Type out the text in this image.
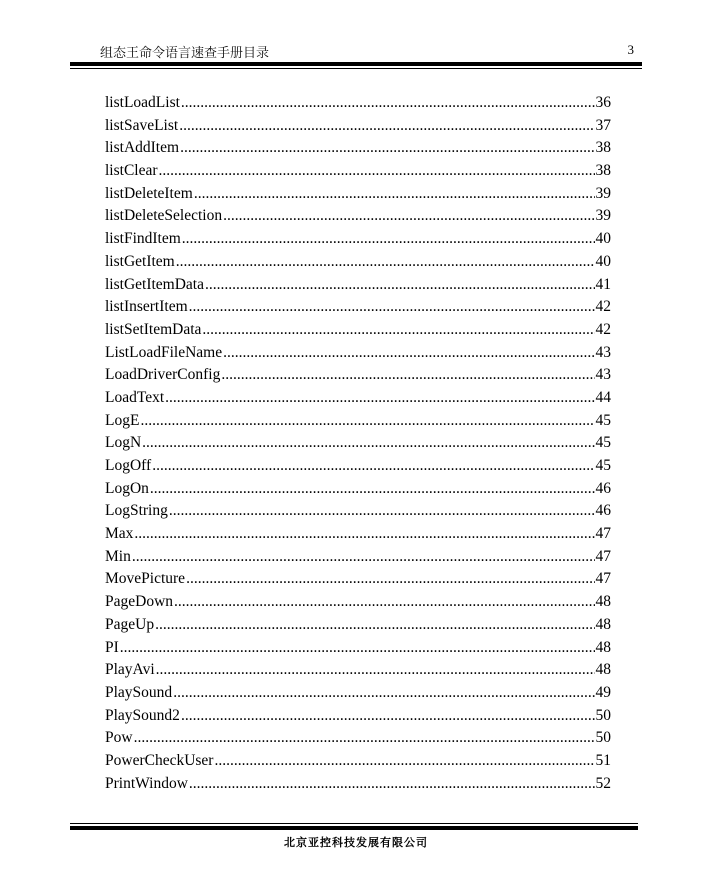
组态王命令语言速查手册目录	3
listLoadList .....	36
listSaveList .....	37
listAddItem .....	38
listClear .....	38
listDeleteItem .....	39
listDeleteSelection .....	39
listFindItem .....	40
listGetItem .....	40
listGetItemData .....	41
listInsertItem .....	42
listSetItemData .....	42
ListLoadFileName .....	43
LoadDriverConfig .....	43
LoadText .....	44
LogE .....	45
LogN .....	45
LogOff .....	45
LogOn .....	46
LogString .....	46
Max .....	47
Min .....	47
MovePicture .....	47
PageDown .....	48
PageUp .....	48
PI .....	48
PlayAvi .....	48
PlaySound .....	49
PlaySound2 .....	50
Pow .....	50
PowerCheckUser .....	51
PrintWindow .....	52
北京亚控科技发展有限公司
